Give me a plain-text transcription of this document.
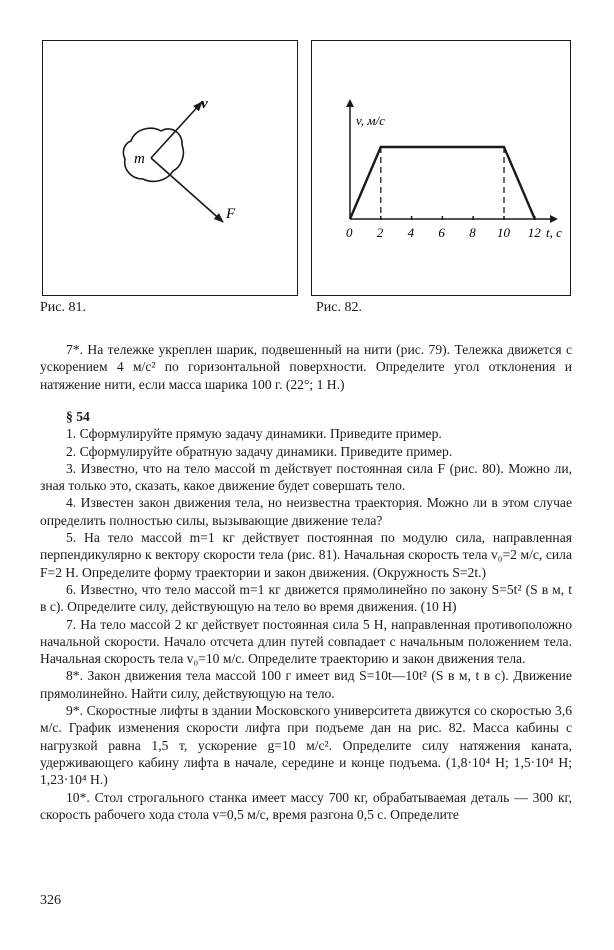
m
v
F
v, м/с
t, c
0 2 4 6 8 10 12
Рис. 81.	Рис. 82.

7*. На тележке укреплен шарик, подвешенный на нити (рис. 79). Тележка движется с ускорением 4 м/с² по горизонтальной поверхности. Определите угол отклонения и натяжение нити, если масса шарика 100 г. (22°; 1 Н.)

§ 54

1. Сформулируйте прямую задачу динамики. Приведите пример.

2. Сформулируйте обратную задачу динамики. Приведите пример.

3. Известно, что на тело массой m действует постоянная сила F (рис. 80). Можно ли, зная только это, сказать, какое движение будет совершать тело.

4. Известен закон движения тела, но неизвестна траектория. Можно ли в этом случае определить полностью силы, вызывающие движение тела?

5. На тело массой m=1 кг действует постоянная по модулю сила, направленная перпендикулярно к вектору скорости тела (рис. 81). Начальная скорость тела v₀=2 м/с, сила F=2 Н. Определите форму траектории и закон движения. (Окружность S=2t.)

6. Известно, что тело массой m=1 кг движется прямолинейно по закону S=5t² (S в м, t в с). Определите силу, действующую на тело во время движения. (10 Н)

7. На тело массой 2 кг действует постоянная сила 5 Н, направленная противоположно начальной скорости. Начало отсчета длин путей совпадает с начальным положением тела. Начальная скорость тела v₀=10 м/с. Определите траекторию и закон движения тела.

8*. Закон движения тела массой 100 г имеет вид S=10t—10t² (S в м, t в с). Движение прямолинейно. Найти силу, действующую на тело.

9*. Скоростные лифты в здании Московского университета движутся со скоростью 3,6 м/с. График изменения скорости лифта при подъеме дан на рис. 82. Масса кабины с нагрузкой равна 1,5 т, ускорение g=10 м/с². Определите силу натяжения каната, удерживающего кабину лифта в начале, середине и конце подъема. (1,8·10⁴ Н; 1,5·10⁴ Н; 1,23·10⁴ Н.)

10*. Стол строгального станка имеет массу 700 кг, обрабатываемая деталь — 300 кг, скорость рабочего хода стола v=0,5 м/с, время разгона 0,5 с. Определите

326
